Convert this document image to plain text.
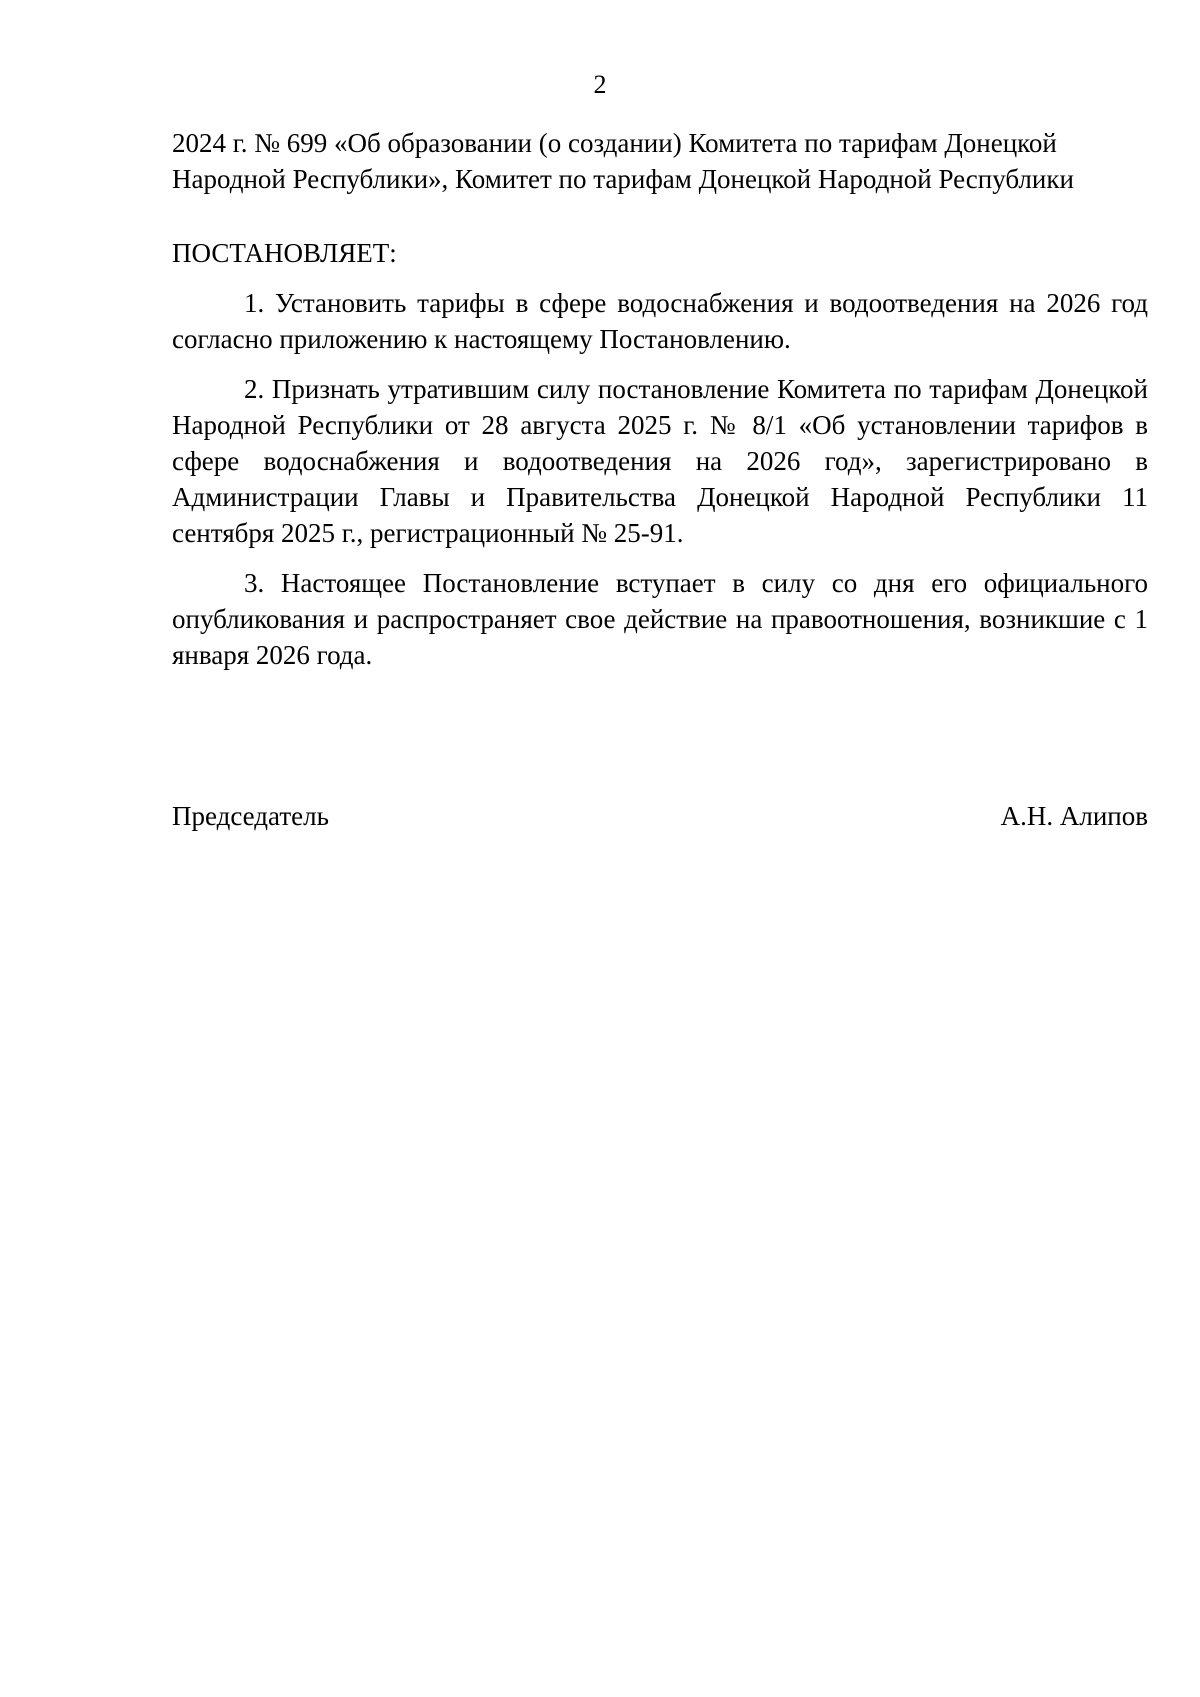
2

2024 г. № 699 «Об образовании (о создании) Комитета по тарифам Донецкой
Народной Республики», Комитет по тарифам Донецкой Народной Республики

ПОСТАНОВЛЯЕТ:

1. Установить тарифы в сфере водоснабжения и водоотведения на 2026 год согласно приложению к настоящему Постановлению.

2. Признать утратившим силу постановление Комитета по тарифам Донецкой Народной Республики от 28 августа 2025 г. № 8/1 «Об установлении тарифов в сфере водоснабжения и водоотведения на 2026 год», зарегистрировано в Администрации Главы и Правительства Донецкой Народной Республики 11 сентября 2025 г., регистрационный № 25-91.

3. Настоящее Постановление вступает в силу со дня его официального опубликования и распространяет свое действие на правоотношения, возникшие с 1 января 2026 года.

Председатель	А.Н. Алипов
